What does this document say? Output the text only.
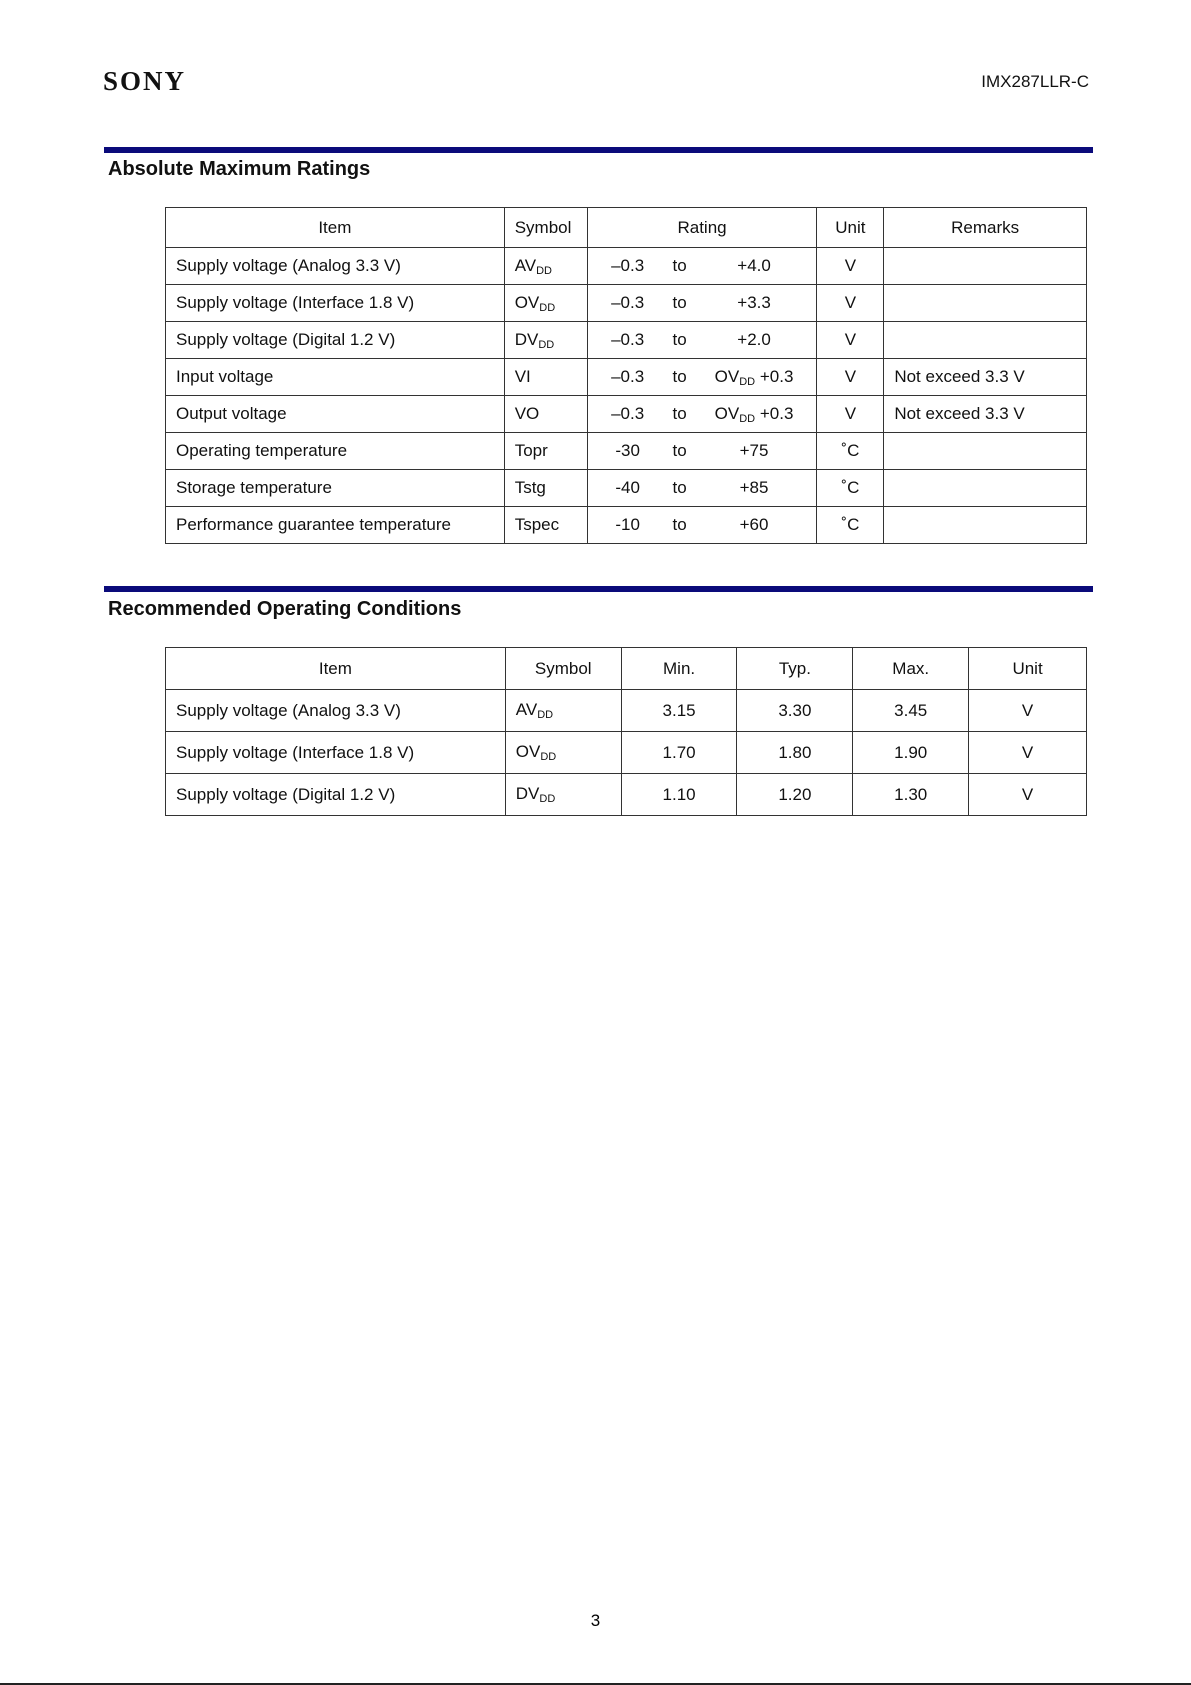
SONY	IMX287LLR-C
Absolute Maximum Ratings
Item	Symbol	Rating	Unit	Remarks
Supply voltage (Analog 3.3 V)	$AV_{DD}$	–0.3 to +4.0	V	
Supply voltage (Interface 1.8 V)	$OV_{DD}$	–0.3 to +3.3	V	
Supply voltage (Digital 1.2 V)	$DV_{DD}$	–0.3 to +2.0	V	
Input voltage	VI	–0.3 to $OV_{DD} +0.3$	V	Not exceed 3.3 V
Output voltage	VO	–0.3 to $OV_{DD} +0.3$	V	Not exceed 3.3 V
Operating temperature	Topr	-30 to +75	˚C	
Storage temperature	Tstg	-40 to +85	˚C	
Performance guarantee temperature	Tspec	-10 to +60	˚C	
Recommended Operating Conditions
Item	Symbol	Min.	Typ.	Max.	Unit
Supply voltage (Analog 3.3 V)	$AV_{DD}$	3.15	3.30	3.45	V
Supply voltage (Interface 1.8 V)	$OV_{DD}$	1.70	1.80	1.90	V
Supply voltage (Digital 1.2 V)	$DV_{DD}$	1.10	1.20	1.30	V
3
